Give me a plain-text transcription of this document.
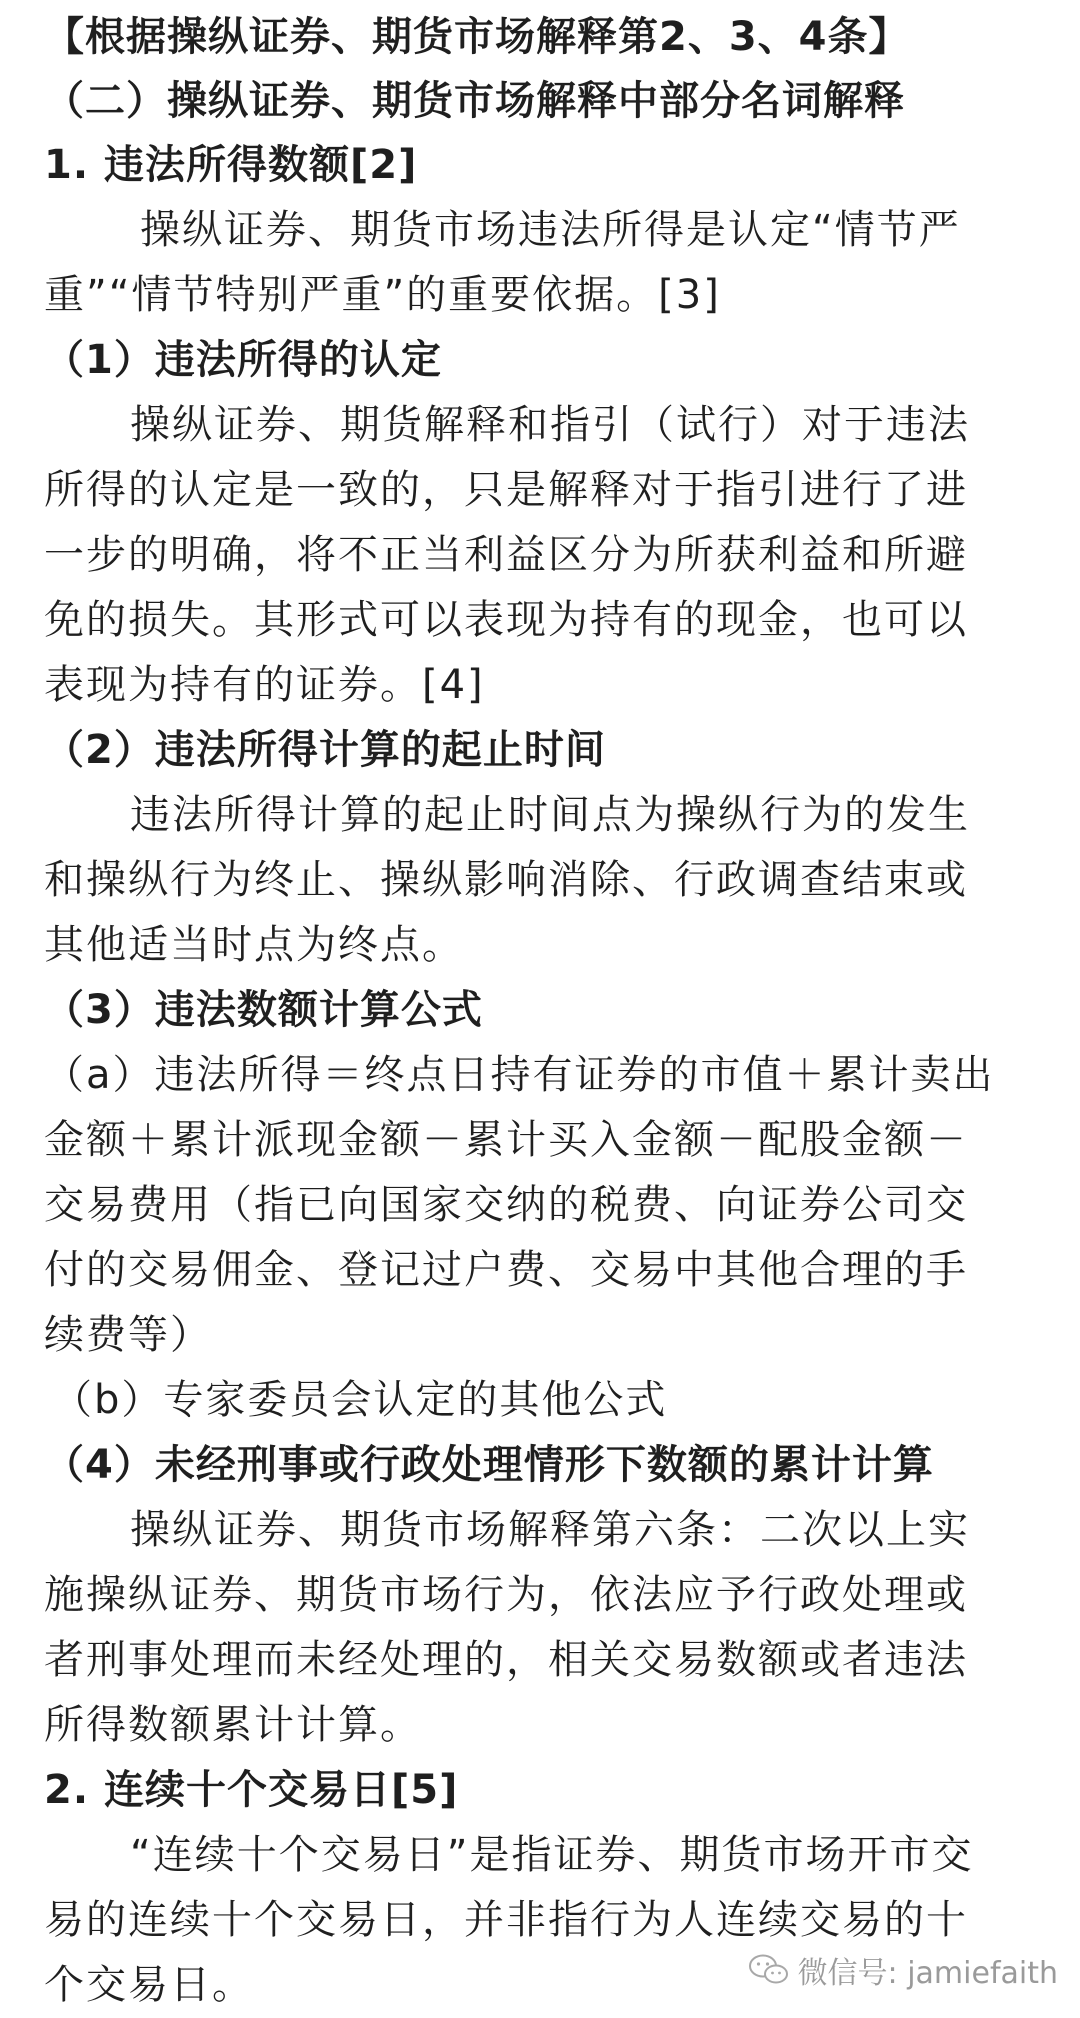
【根据操纵证券、期货市场解释第2、3、4条】
（二）操纵证券、期货市场解释中部分名词解释
1. 违法所得数额[2]
操纵证券、期货市场违法所得是认定“情节严
重”“情节特别严重”的重要依据。[3]
（1）违法所得的认定
操纵证券、期货解释和指引（试行）对于违法
所得的认定是一致的，只是解释对于指引进行了进
一步的明确，将不正当利益区分为所获利益和所避
免的损失。其形式可以表现为持有的现金，也可以
表现为持有的证券。[4]
（2）违法所得计算的起止时间
违法所得计算的起止时间点为操纵行为的发生
和操纵行为终止、操纵影响消除、行政调查结束或
其他适当时点为终点。
（3）违法数额计算公式
（a）违法所得＝终点日持有证券的市值＋累计卖出
金额＋累计派现金额－累计买入金额－配股金额－
交易费用（指已向国家交纳的税费、向证券公司交
付的交易佣金、登记过户费、交易中其他合理的手
续费等）
（b）专家委员会认定的其他公式
（4）未经刑事或行政处理情形下数额的累计计算
操纵证券、期货市场解释第六条：二次以上实
施操纵证券、期货市场行为，依法应予行政处理或
者刑事处理而未经处理的，相关交易数额或者违法
所得数额累计计算。
2. 连续十个交易日[5]
“连续十个交易日”是指证券、期货市场开市交
易的连续十个交易日，并非指行为人连续交易的十
个交易日。	微信号: jamiefaith
